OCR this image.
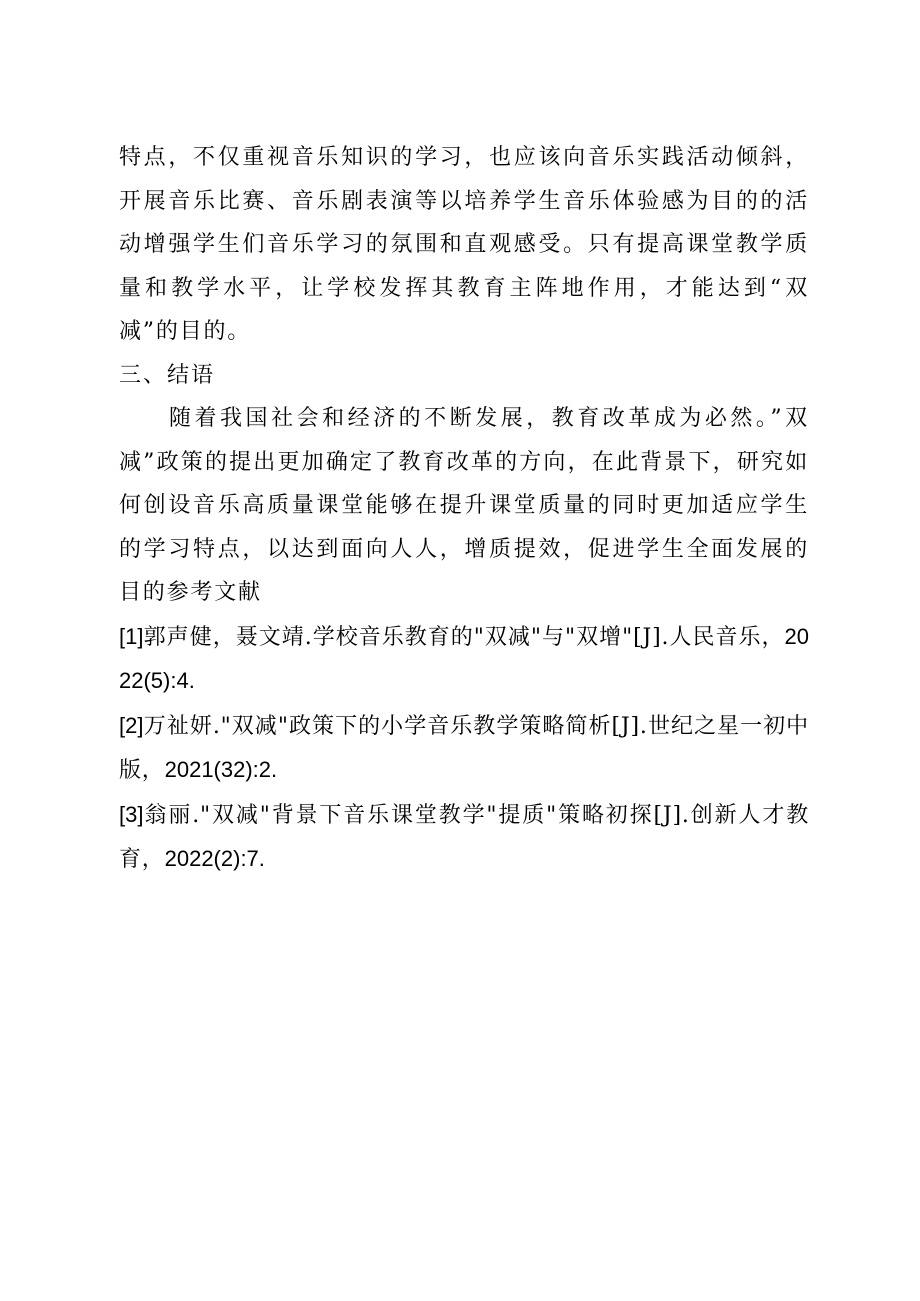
特点，不仅重视音乐知识的学习，也应该向音乐实践活动倾斜，开展音乐比赛、音乐剧表演等以培养学生音乐体验感为目的的活动增强学生们音乐学习的氛围和直观感受。只有提高课堂教学质量和教学水平，让学校发挥其教育主阵地作用，才能达到“双减”的目的。

三、结语

随着我国社会和经济的不断发展，教育改革成为必然。”双减”政策的提出更加确定了教育改革的方向，在此背景下，研究如何创设音乐高质量课堂能够在提升课堂质量的同时更加适应学生的学习特点，以达到面向人人，增质提效，促进学生全面发展的目的参考文献

[1]郭声健，聂文靖.学校音乐教育的"双减"与"双增"[J].人民音乐，2022(5):4.

[2]万祉妍."双减"政策下的小学音乐教学策略简析[J].世纪之星一初中版，2021(32):2.

[3]翁丽."双减"背景下音乐课堂教学"提质"策略初探[J].创新人才教育，2022(2):7.
